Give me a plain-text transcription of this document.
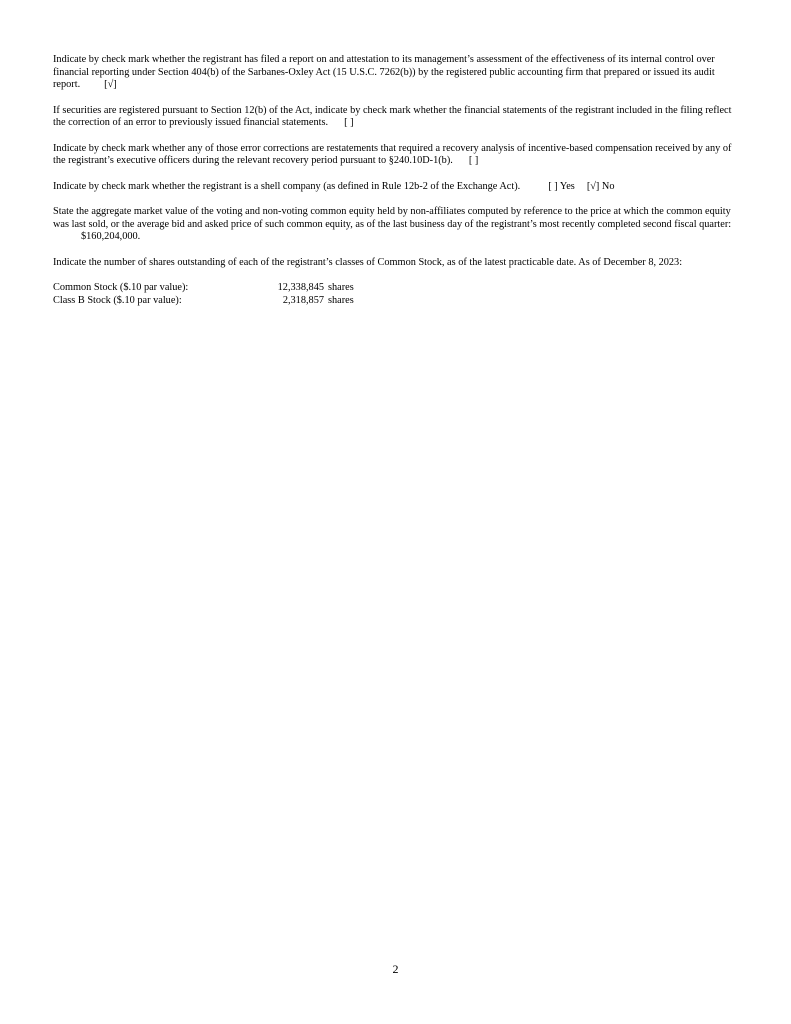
Indicate by check mark whether the registrant has filed a report on and attestation to its management’s assessment of the effectiveness of its internal control over financial reporting under Section 404(b) of the Sarbanes-Oxley Act (15 U.S.C. 7262(b)) by the registered public accounting firm that prepared or issued its audit report. [√]

If securities are registered pursuant to Section 12(b) of the Act, indicate by check mark whether the financial statements of the registrant included in the filing reflect the correction of an error to previously issued financial statements. [ ]

Indicate by check mark whether any of those error corrections are restatements that required a recovery analysis of incentive-based compensation received by any of the registrant’s executive officers during the relevant recovery period pursuant to §240.10D-1(b). [ ]

Indicate by check mark whether the registrant is a shell company (as defined in Rule 12b-2 of the Exchange Act).	[ ] Yes [√] No

State the aggregate market value of the voting and non-voting common equity held by non-affiliates computed by reference to the price at which the common equity was last sold, or the average bid and asked price of such common equity, as of the last business day of the registrant’s most recently completed second fiscal quarter:$160,204,000.

Indicate the number of shares outstanding of each of the registrant’s classes of Common Stock, as of the latest practicable date. As of December 8, 2023:

Common Stock ($.10 par value):	12,338,845 shares
Class B Stock ($.10 par value):	2,318,857 shares
2
